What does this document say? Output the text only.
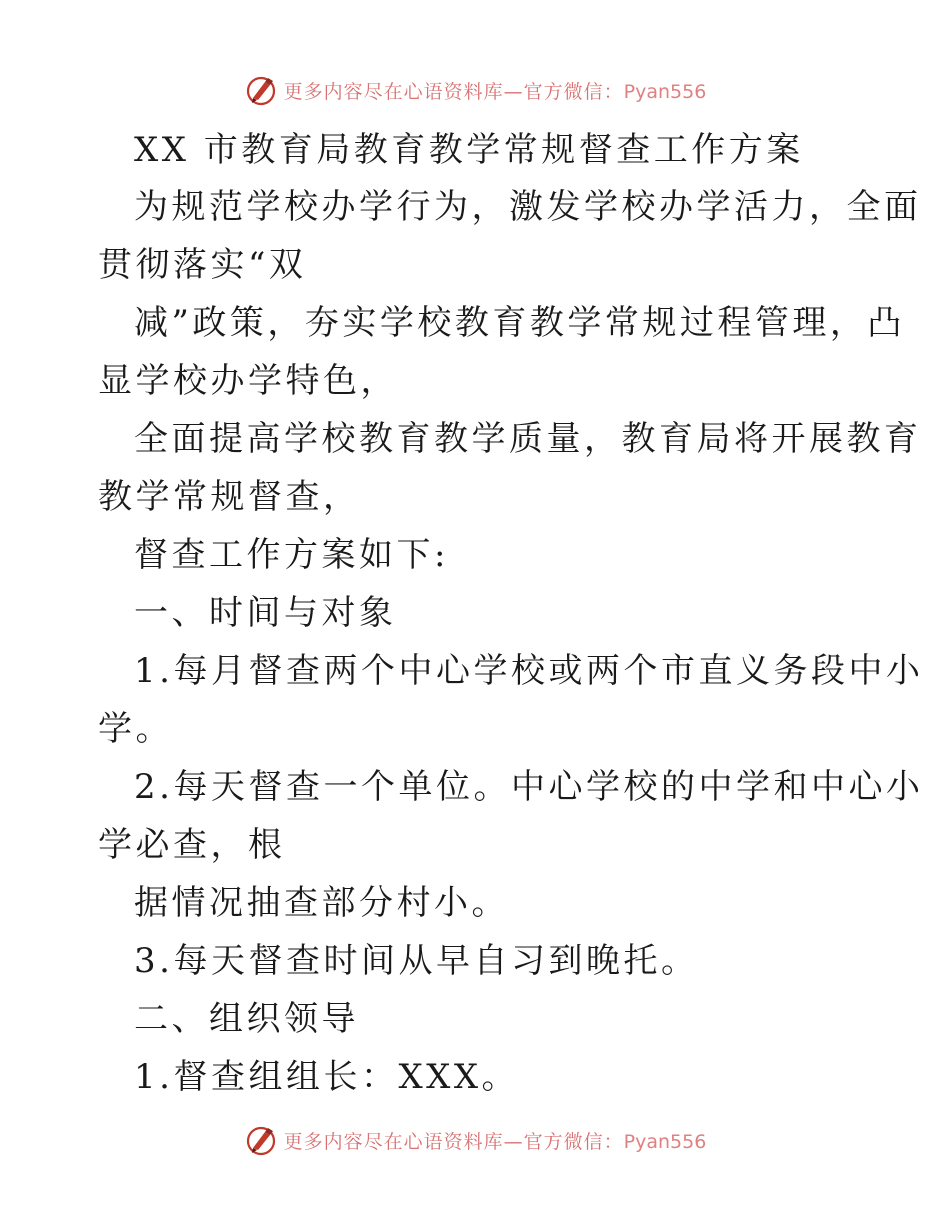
更多内容尽在心语资料库—官方微信：Pyan556
XX 市教育局教育教学常规督查工作方案
为规范学校办学行为，激发学校办学活力，全面
贯彻落实“双
减”政策，夯实学校教育教学常规过程管理，凸
显学校办学特色，
全面提高学校教育教学质量，教育局将开展教育
教学常规督查，
督查工作方案如下:
一、时间与对象
1.每月督查两个中心学校或两个市直义务段中小
学。
2.每天督查一个单位。中心学校的中学和中心小
学必查，根
据情况抽查部分村小。
3.每天督查时间从早自习到晚托。
二、组织领导
1.督查组组长：XXX。
更多内容尽在心语资料库—官方微信：Pyan556
